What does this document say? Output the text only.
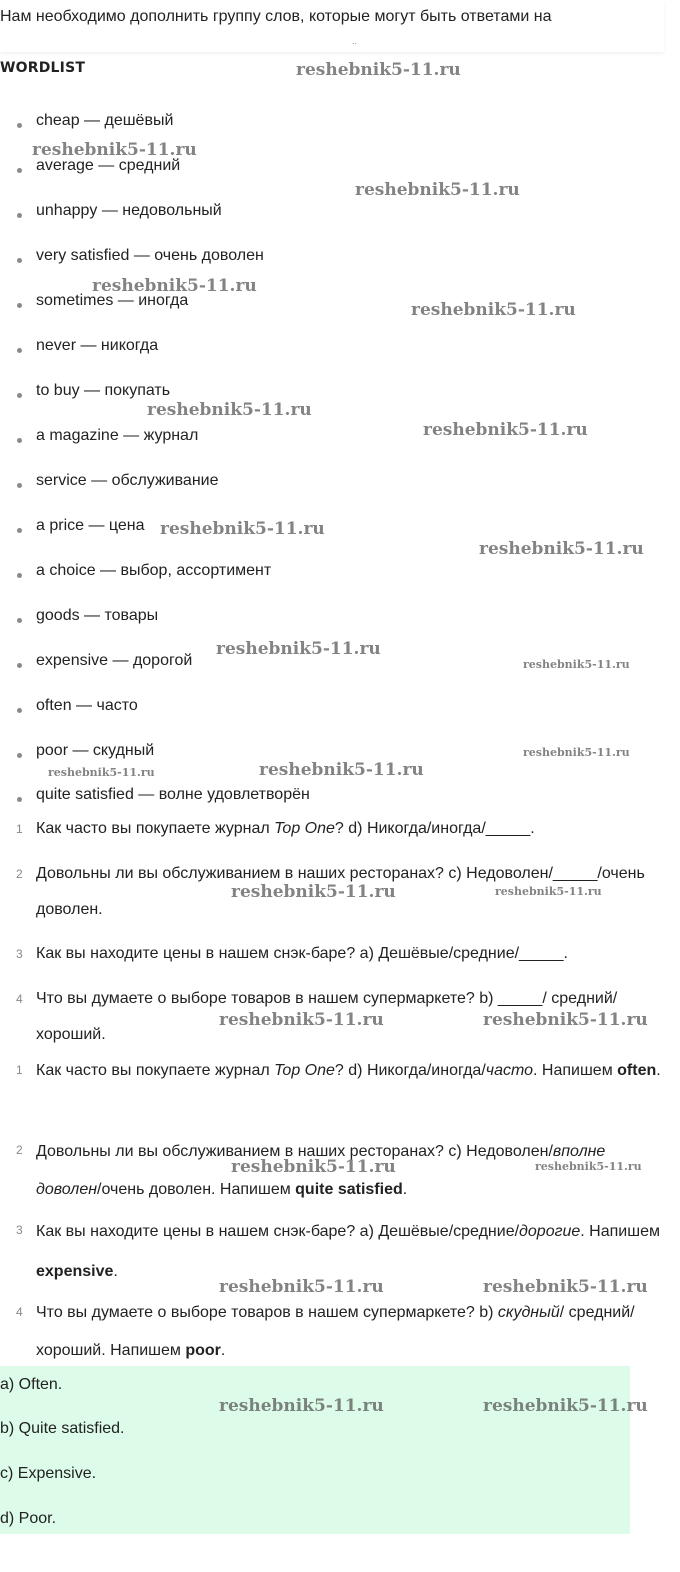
Нам необходимо дополнить группу слов, которые могут быть ответами на
..
WORDLIST
cheap — дешёвый
average — средний
unhappy — недовольный
very satisfied — очень доволен
sometimes — иногда
never — никогда
to buy — покупать
a magazine — журнал
service — обслуживание
a price — цена
a choice — выбор, ассортимент
goods — товары
expensive — дорогой
often — часто
poor — скудный
quite satisfied — волне удовлетворён
1 Как часто вы покупаете журнал Top One? d) Никогда/иногда/_____.
2 Довольны ли вы обслуживанием в наших ресторанах? c) Недоволен/_____/очень доволен.
3 Как вы находите цены в нашем снэк-баре? a) Дешёвые/средние/_____.
4 Что вы думаете о выборе товаров в нашем супермаркете? b) _____/ средний/хороший.
1 Как часто вы покупаете журнал Top One? d) Никогда/иногда/часто. Напишем often.
2 Довольны ли вы обслуживанием в наших ресторанах? c) Недоволен/вполне доволен/очень доволен. Напишем quite satisfied.
3 Как вы находите цены в нашем снэк-баре? a) Дешёвые/средние/дорогие. Напишем expensive.
4 Что вы думаете о выборе товаров в нашем супермаркете? b) скудный/ средний/хороший. Напишем poor.
a) Often.
b) Quite satisfied.
c) Expensive.
d) Poor.
reshebnik5-11.ru
reshebnik5-11.ru
reshebnik5-11.ru
reshebnik5-11.ru
reshebnik5-11.ru
reshebnik5-11.ru
reshebnik5-11.ru
reshebnik5-11.ru
reshebnik5-11.ru
reshebnik5-11.ru
reshebnik5-11.ru
reshebnik5-11.ru
reshebnik5-11.ru	reshebnik5-11.ru
reshebnik5-11.ru	reshebnik5-11.ru
reshebnik5-11.ru	reshebnik5-11.ru
reshebnik5-11.ru	reshebnik5-11.ru
reshebnik5-11.ru	reshebnik5-11.ru
reshebnik5-11.ru	reshebnik5-11.ru
